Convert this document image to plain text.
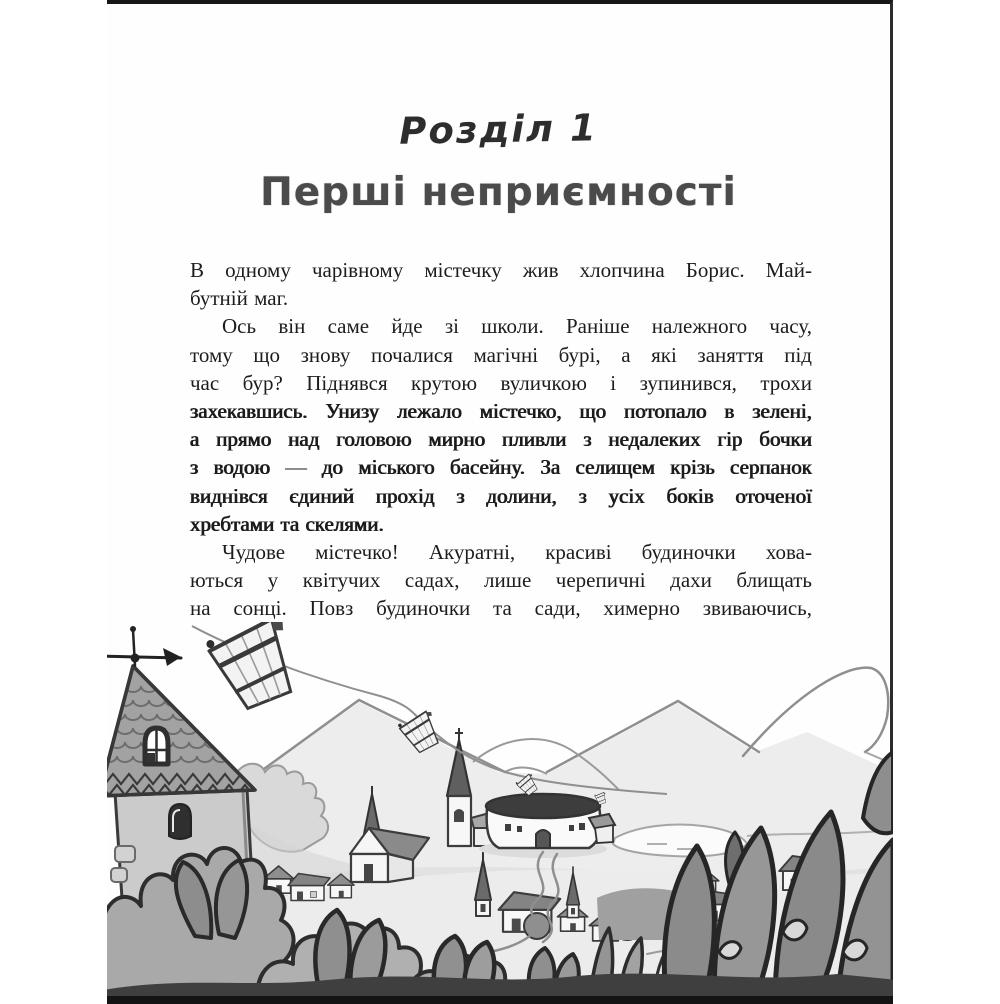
Розділ 1
Перші неприємності
В одному чарівному містечку жив хлопчина Борис. Май-
бутній маг.
Ось він саме йде зі школи. Раніше належного часу,
тому що знову почалися магічні бурі, а які заняття під
час бур? Піднявся крутою вуличкою і зупинився, трохи
захекавшись. Унизу лежало містечко, що потопало в зелені,
а прямо над головою мирно пливли з недалеких гір бочки
з водою — до міського басейну. За селищем крізь серпанок
виднівся єдиний прохід з долини, з усіх боків оточеної
хребтами та скелями.
Чудове містечко! Акуратні, красиві будиночки хова-
ються у квітучих садах, лише черепичні дахи блищать
на сонці. Повз будиночки та сади, химерно звиваючись,
